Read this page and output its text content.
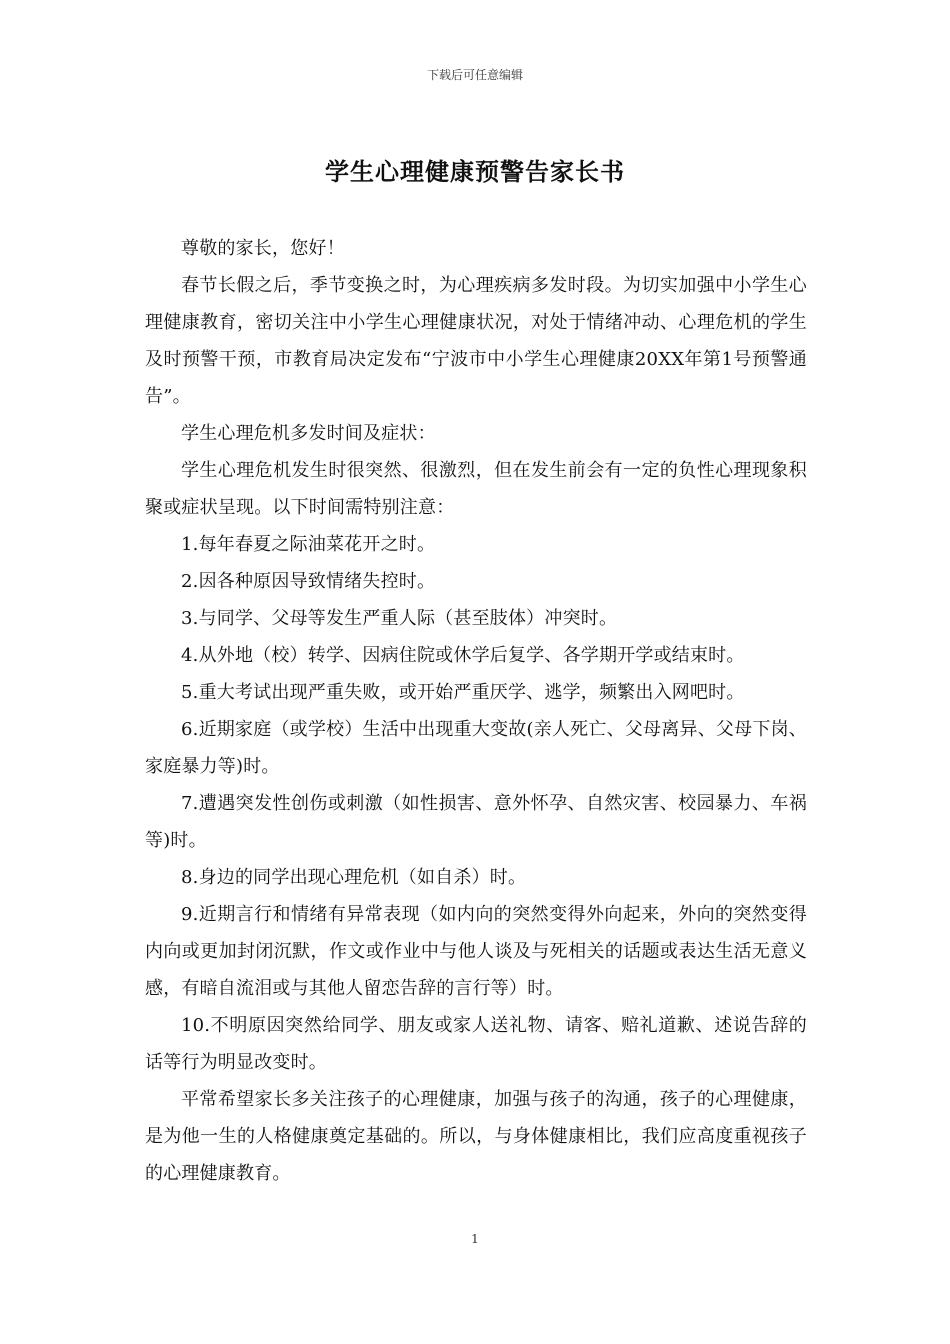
下载后可任意编辑
学生心理健康预警告家长书

尊敬的家长，您好！

春节长假之后，季节变换之时，为心理疾病多发时段。为切实加强中小学生心理健康教育，密切关注中小学生心理健康状况，对处于情绪冲动、心理危机的学生及时预警干预，市教育局决定发布“宁波市中小学生心理健康20XX年第1号预警通告”。

学生心理危机多发时间及症状：

学生心理危机发生时很突然、很激烈，但在发生前会有一定的负性心理现象积聚或症状呈现。以下时间需特别注意：

1.每年春夏之际油菜花开之时。

2.因各种原因导致情绪失控时。

3.与同学、父母等发生严重人际（甚至肢体）冲突时。

4.从外地（校）转学、因病住院或休学后复学、各学期开学或结束时。

5.重大考试出现严重失败，或开始严重厌学、逃学，频繁出入网吧时。

6.近期家庭（或学校）生活中出现重大变故(亲人死亡、父母离异、父母下岗、家庭暴力等)时。

7.遭遇突发性创伤或刺激（如性损害、意外怀孕、自然灾害、校园暴力、车祸等)时。

8.身边的同学出现心理危机（如自杀）时。

9.近期言行和情绪有异常表现（如内向的突然变得外向起来，外向的突然变得内向或更加封闭沉默，作文或作业中与他人谈及与死相关的话题或表达生活无意义感，有暗自流泪或与其他人留恋告辞的言行等）时。

10.不明原因突然给同学、朋友或家人送礼物、请客、赔礼道歉、述说告辞的话等行为明显改变时。

平常希望家长多关注孩子的心理健康，加强与孩子的沟通，孩子的心理健康，是为他一生的人格健康奠定基础的。所以，与身体健康相比，我们应高度重视孩子的心理健康教育。

1
